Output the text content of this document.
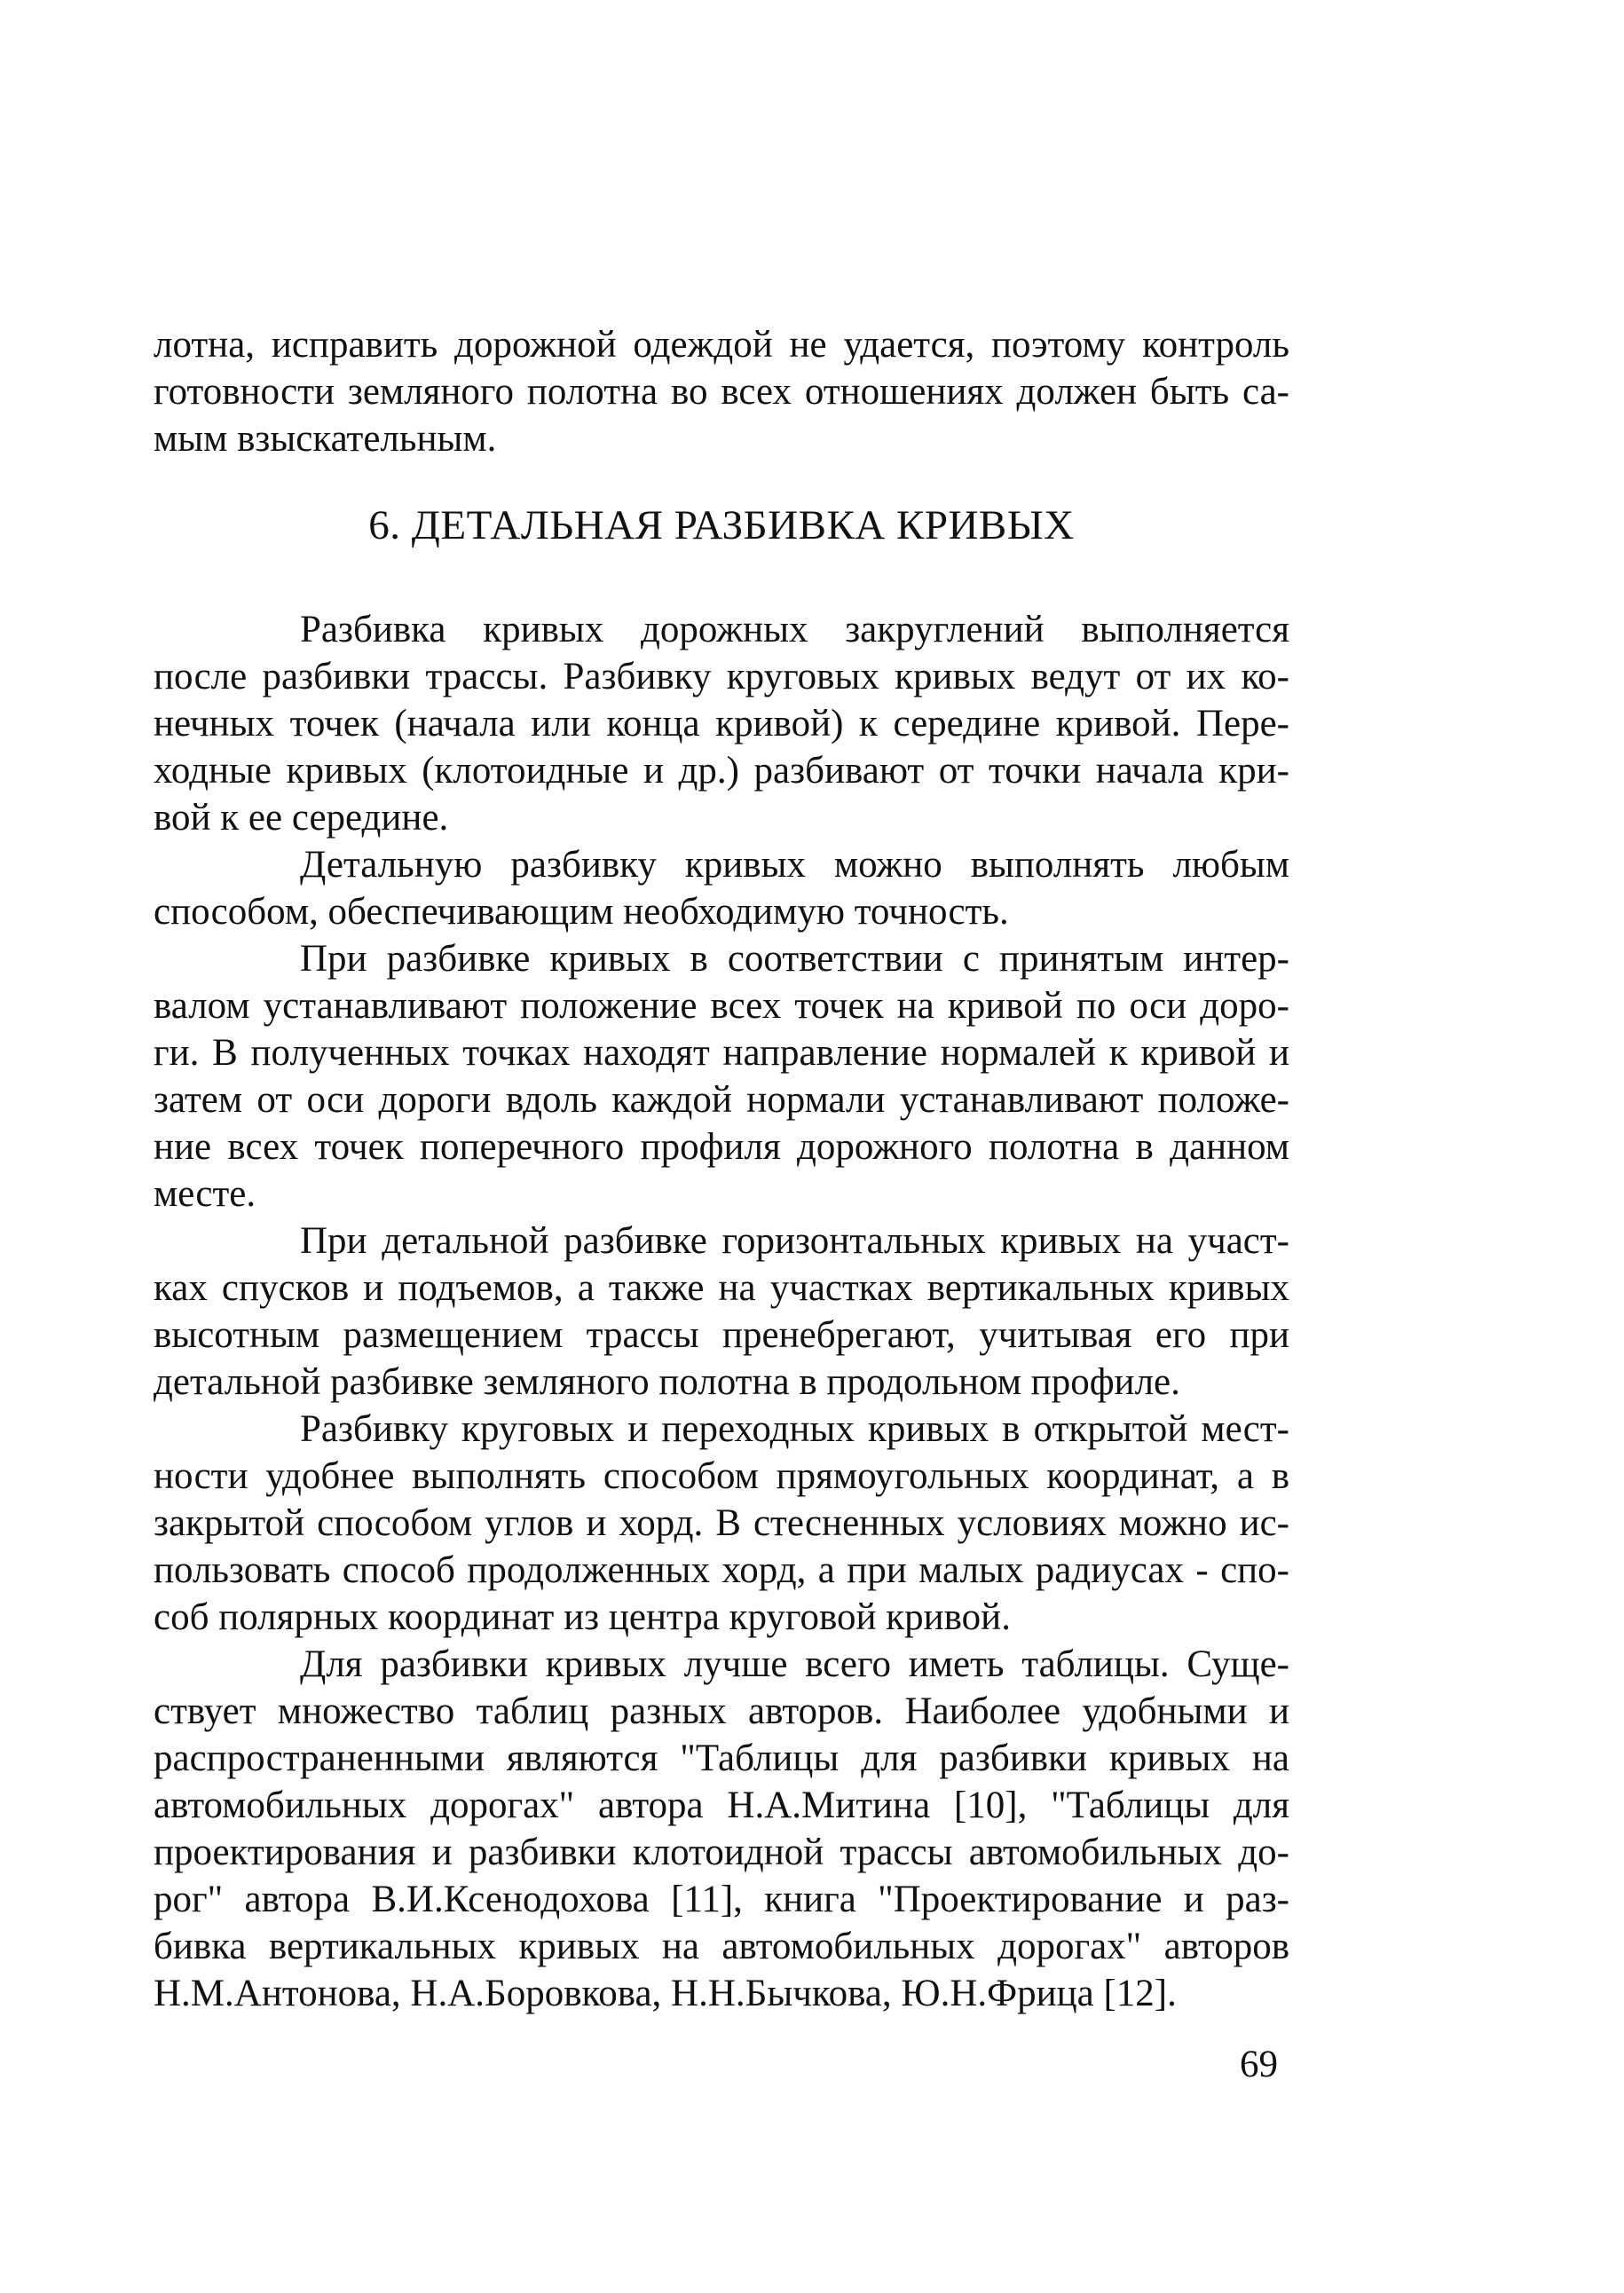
лотна, исправить дорожной одеждой не удается, поэтому контроль
готовности земляного полотна во всех отношениях должен быть са-
мым взыскательным.
6. ДЕТАЛЬНАЯ РАЗБИВКА КРИВЫХ
Разбивка кривых дорожных закруглений выполняется
после разбивки трассы. Разбивку круговых кривых ведут от их ко-
нечных точек (начала или конца кривой) к середине кривой. Пере-
ходные кривых (клотоидные и др.) разбивают от точки начала кри-
вой к ее середине.
Детальную разбивку кривых можно выполнять любым
способом, обеспечивающим необходимую точность.
При разбивке кривых в соответствии с принятым интер-
валом устанавливают положение всех точек на кривой по оси доро-
ги. В полученных точках находят направление нормалей к кривой и
затем от оси дороги вдоль каждой нормали устанавливают положе-
ние всех точек поперечного профиля дорожного полотна в данном
месте.
При детальной разбивке горизонтальных кривых на участ-
ках спусков и подъемов, а также на участках вертикальных кривых
высотным размещением трассы пренебрегают, учитывая его при
детальной разбивке земляного полотна в продольном профиле.
Разбивку круговых и переходных кривых в открытой мест-
ности удобнее выполнять способом прямоугольных координат, а в
закрытой способом углов и хорд. В стесненных условиях можно ис-
пользовать способ продолженных хорд, а при малых радиусах - спо-
соб полярных координат из центра круговой кривой.
Для разбивки кривых лучше всего иметь таблицы. Суще-
ствует множество таблиц разных авторов. Наиболее удобными и
распространенными являются "Таблицы для разбивки кривых на
автомобильных дорогах" автора Н.А.Митина [10], "Таблицы для
проектирования и разбивки клотоидной трассы автомобильных до-
рог" автора В.И.Ксенодохова [11], книга "Проектирование и раз-
бивка вертикальных кривых на автомобильных дорогах" авторов
Н.М.Антонова, Н.А.Боровкова, Н.Н.Бычкова, Ю.Н.Фрица [12].
69
